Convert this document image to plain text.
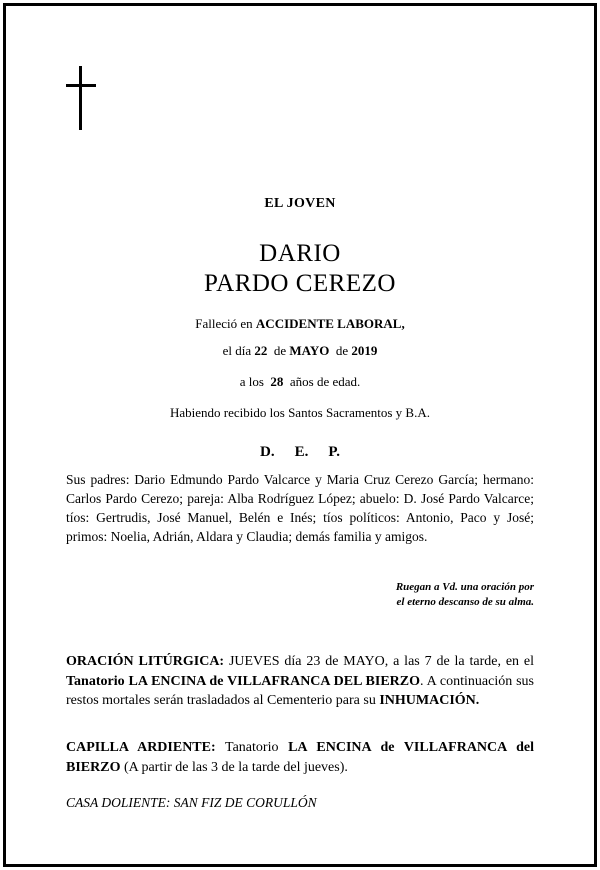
EL JOVEN
DARIO
PARDO CEREZO
Falleció en ACCIDENTE LABORAL,
el día 22 de MAYO de 2019
a los 28 años de edad.
Habiendo recibido los Santos Sacramentos y B.A.
D. E. P.
Sus padres: Dario Edmundo Pardo Valcarce y Maria Cruz Cerezo García; hermano: Carlos Pardo Cerezo; pareja: Alba Rodríguez López; abuelo: D. José Pardo Valcarce; tíos: Gertrudis, José Manuel, Belén e Inés; tíos políticos: Antonio, Paco y José; primos: Noelia, Adrián, Aldara y Claudia; demás familia y amigos.
Ruegan a Vd. una oración por
el eterno descanso de su alma.
ORACIÓN LITÚRGICA: JUEVES día 23 de MAYO, a las 7 de la tarde, en el Tanatorio LA ENCINA de VILLAFRANCA DEL BIERZO. A continuación sus restos mortales serán trasladados al Cementerio para su INHUMACIÓN.
CAPILLA ARDIENTE: Tanatorio LA ENCINA de VILLAFRANCA del BIERZO (A partir de las 3 de la tarde del jueves).
CASA DOLIENTE: SAN FIZ DE CORULLÓN
